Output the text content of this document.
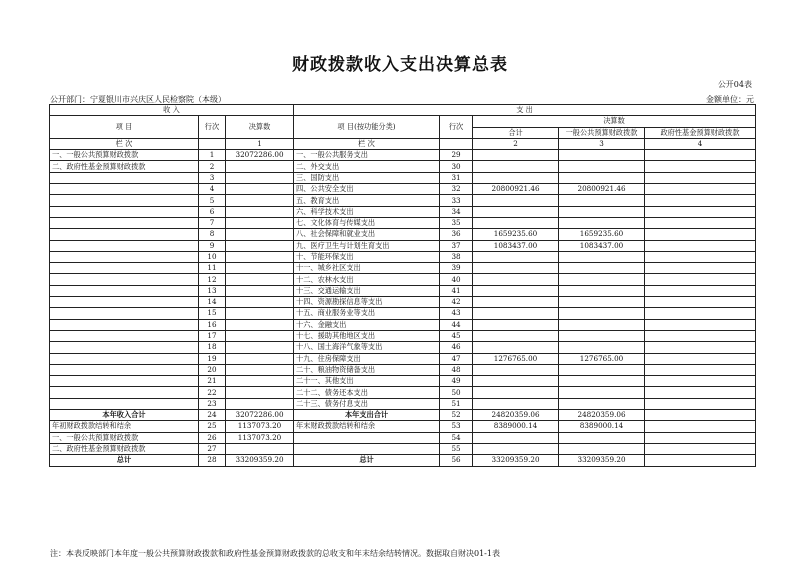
财政拨款收入支出决算总表
公开04表
公开部门：宁夏银川市兴庆区人民检察院（本级）	金额单位：元
收 入			支 出				
项 目	行次	决算数	项 目(按功能分类)	行次	决算数		
					合计	一般公共预算财政拨款	政府性基金预算财政拨款
栏 次		1	栏 次		2	3	4
一、一般公共预算财政拨款	1	32072286.00	一、一般公共服务支出	29			
二、政府性基金预算财政拨款	2		二、外交支出	30			
	3		三、国防支出	31			
	4		四、公共安全支出	32	20800921.46	20800921.46	
	5		五、教育支出	33			
	6		六、科学技术支出	34			
	7		七、文化体育与传媒支出	35			
	8		八、社会保障和就业支出	36	1659235.60	1659235.60	
	9		九、医疗卫生与计划生育支出	37	1083437.00	1083437.00	
	10		十、节能环保支出	38			
	11		十一、城乡社区支出	39			
	12		十二、农林水支出	40			
	13		十三、交通运输支出	41			
	14		十四、资源勘探信息等支出	42			
	15		十五、商业服务业等支出	43			
	16		十六、金融支出	44			
	17		十七、援助其他地区支出	45			
	18		十八、国土海洋气象等支出	46			
	19		十九、住房保障支出	47	1276765.00	1276765.00	
	20		二十、粮油物资储备支出	48			
	21		二十一、其他支出	49			
	22		二十二、债务还本支出	50			
	23		二十三、债务付息支出	51			
本年收入合计	24	32072286.00	本年支出合计	52	24820359.06	24820359.06	
年初财政拨款结转和结余	25	1137073.20	年末财政拨款结转和结余	53	8389000.14	8389000.14	
一、一般公共预算财政拨款	26	1137073.20		54			
二、政府性基金预算财政拨款	27			55			
总计	28	33209359.20	总计	56	33209359.20	33209359.20	
注：本表反映部门本年度一般公共预算财政拨款和政府性基金预算财政拨款的总收支和年末结余结转情况。数据取自财决01-1表
